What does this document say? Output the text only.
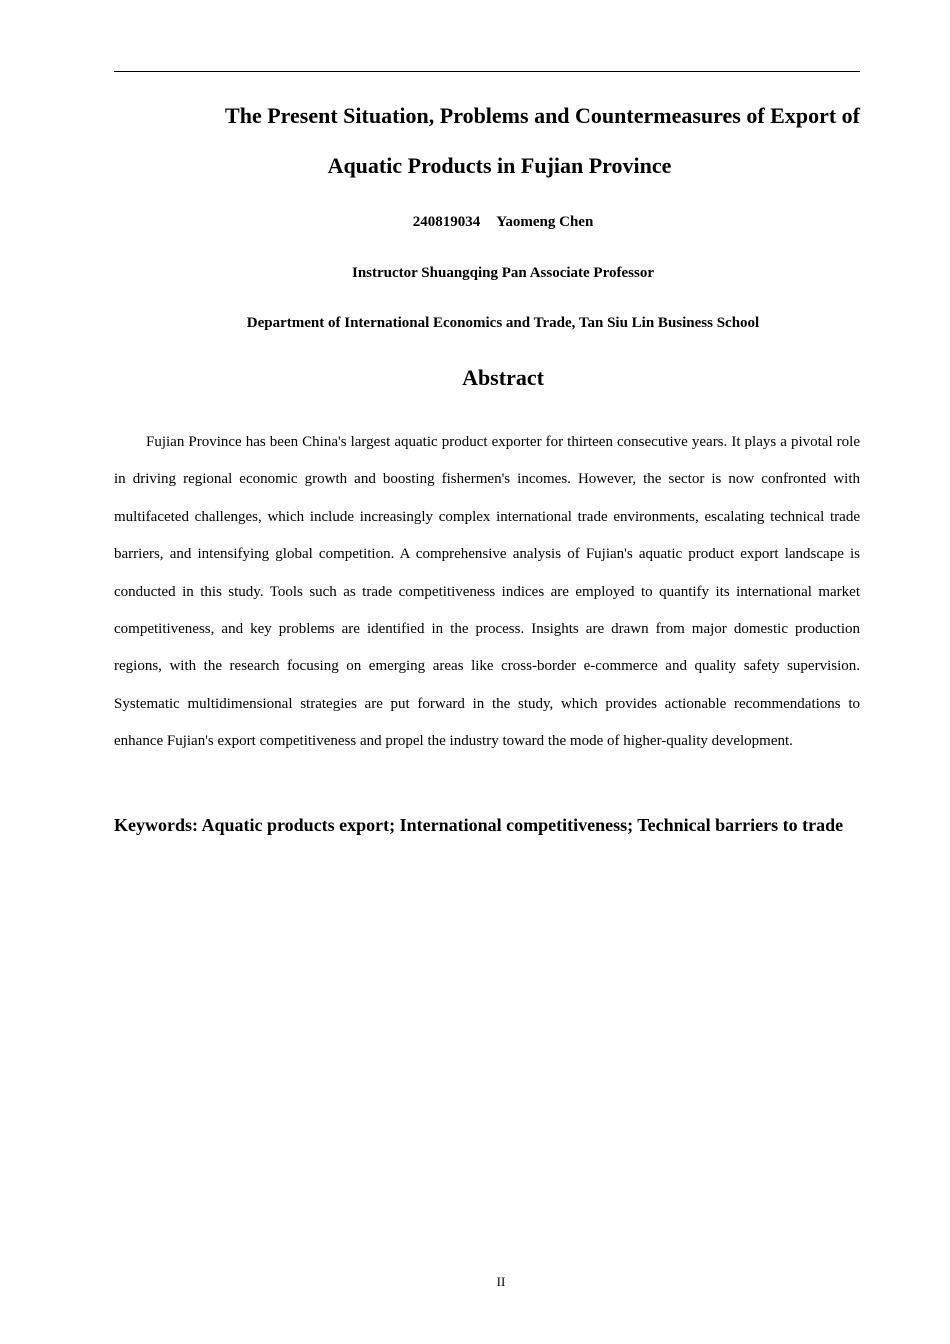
The Present Situation, Problems and Countermeasures of Export of
Aquatic Products in Fujian Province
240819034 Yaomeng Chen
Instructor Shuangqing Pan Associate Professor
Department of International Economics and Trade, Tan Siu Lin Business School
Abstract

Fujian Province has been China's largest aquatic product exporter for thirteen consecutive years. It plays a pivotal role in driving regional economic growth and boosting fishermen's incomes. However, the sector is now confronted with multifaceted challenges, which include increasingly complex international trade environments, escalating technical trade barriers, and intensifying global competition. A comprehensive analysis of Fujian's aquatic product export landscape is conducted in this study. Tools such as trade competitiveness indices are employed to quantify its international market competitiveness, and key problems are identified in the process. Insights are drawn from major domestic production regions, with the research focusing on emerging areas like cross-border e-commerce and quality safety supervision. Systematic multidimensional strategies are put forward in the study, which provides actionable recommendations to enhance Fujian's export competitiveness and propel the industry toward the mode of higher-quality development.

Keywords: Aquatic products export; International competitiveness; Technical barriers to trade

II
